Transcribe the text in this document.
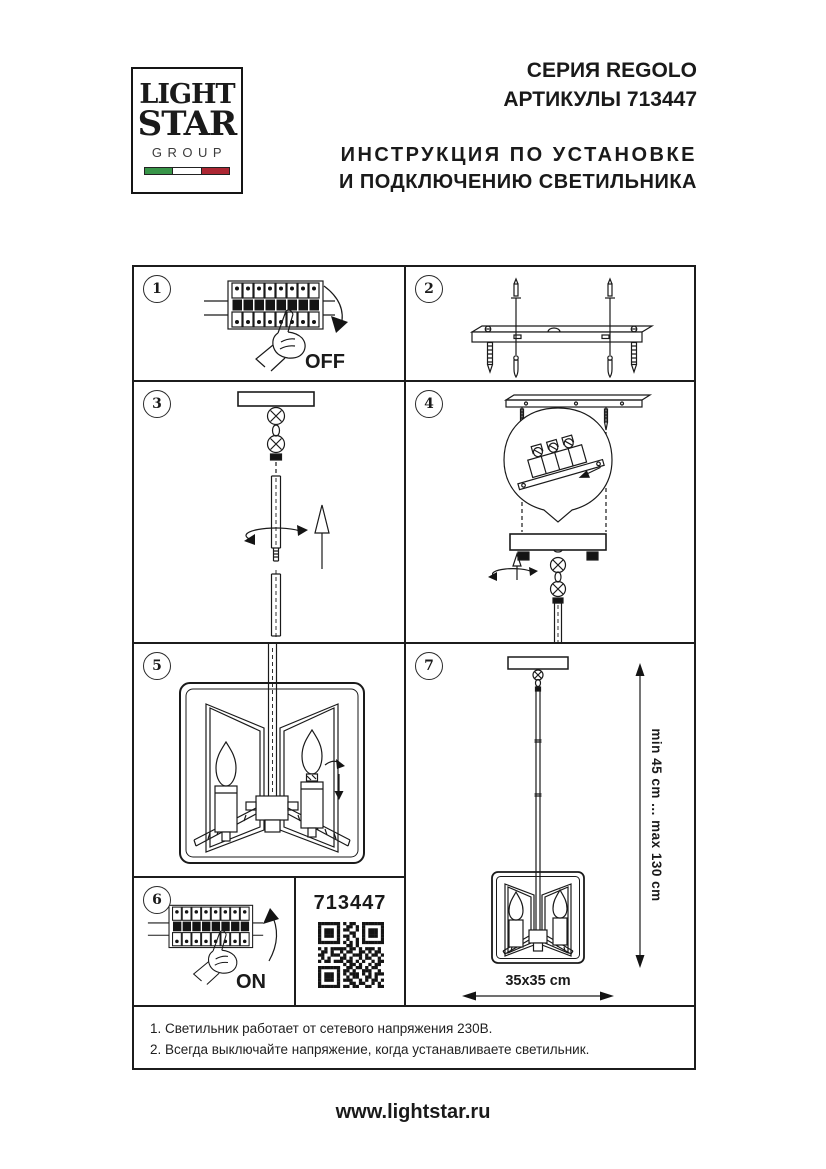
LIGHT
STAR
GROUP
СЕРИЯ REGOLO
АРТИКУЛЫ 713447
ИНСТРУКЦИЯ ПО УСТАНОВКЕ
И ПОДКЛЮЧЕНИЮ СВЕТИЛЬНИКА
OFF
1	2
3	4
5
min 45 cm ... max 130 cm
35x35 cm
7
ON
6	713447
1. Светильник работает от сетевого напряжения 230В.
2. Всегда выключайте напряжение, когда устанавливаете светильник.
www.lightstar.ru
